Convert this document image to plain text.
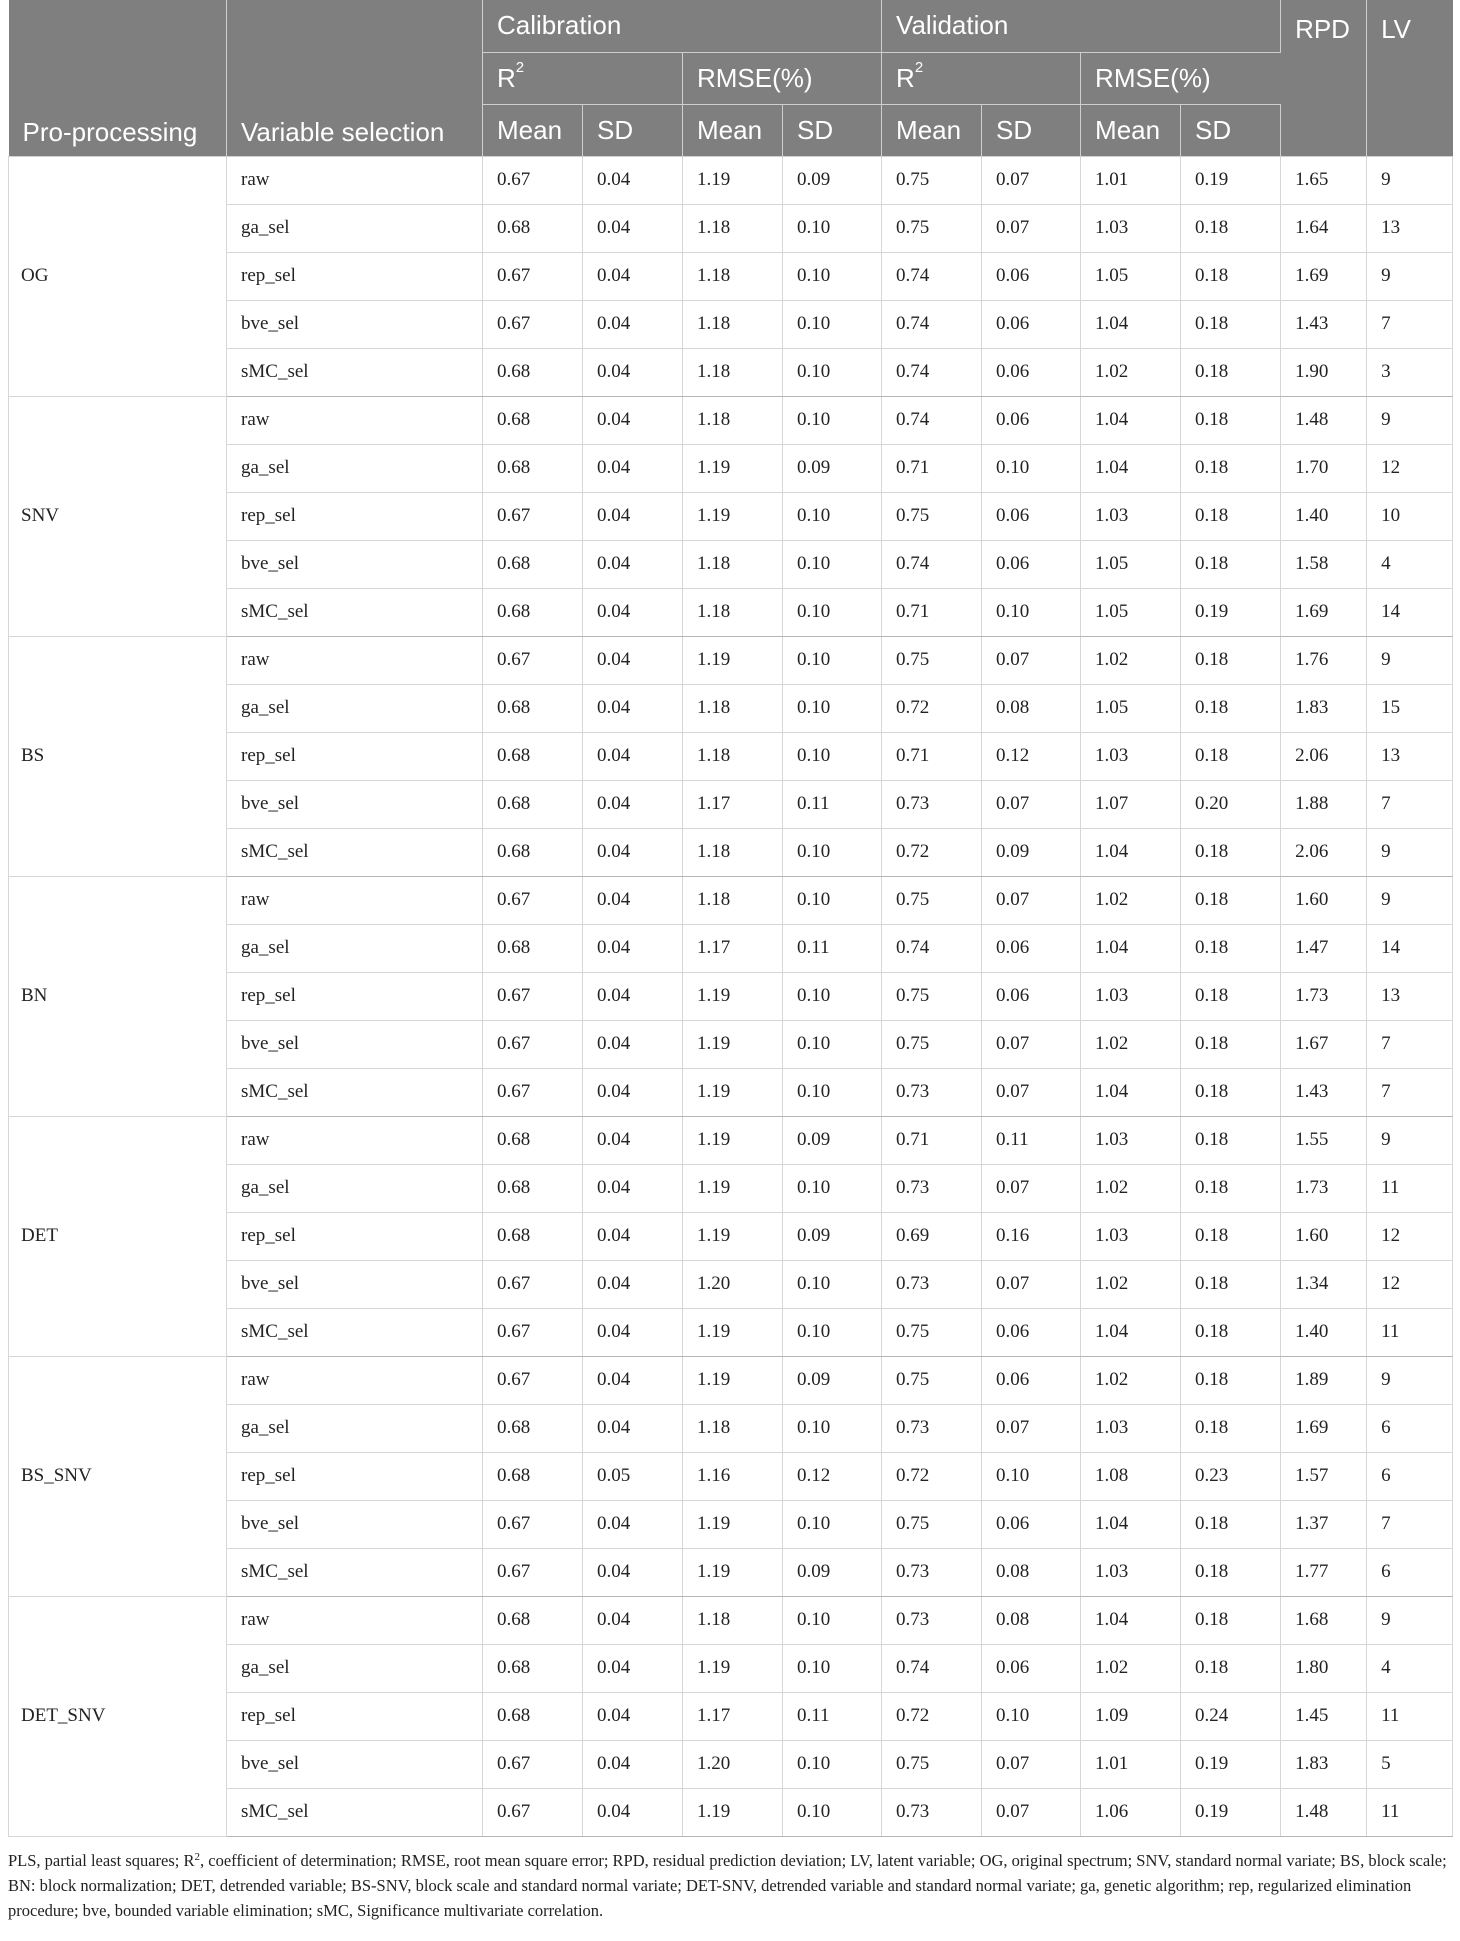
Pro-processing	Variable selection	Calibration				Validation				RPD	LV
		$R^2$		RMSE(%)		$R^2$		RMSE(%)			
		Mean	SD	Mean	SD	Mean	SD	Mean	SD		
OG	raw	0.67	0.04	1.19	0.09	0.75	0.07	1.01	0.19	1.65	9
	ga_sel	0.68	0.04	1.18	0.10	0.75	0.07	1.03	0.18	1.64	13
	rep_sel	0.67	0.04	1.18	0.10	0.74	0.06	1.05	0.18	1.69	9
	bve_sel	0.67	0.04	1.18	0.10	0.74	0.06	1.04	0.18	1.43	7
	sMC_sel	0.68	0.04	1.18	0.10	0.74	0.06	1.02	0.18	1.90	3
SNV	raw	0.68	0.04	1.18	0.10	0.74	0.06	1.04	0.18	1.48	9
	ga_sel	0.68	0.04	1.19	0.09	0.71	0.10	1.04	0.18	1.70	12
	rep_sel	0.67	0.04	1.19	0.10	0.75	0.06	1.03	0.18	1.40	10
	bve_sel	0.68	0.04	1.18	0.10	0.74	0.06	1.05	0.18	1.58	4
	sMC_sel	0.68	0.04	1.18	0.10	0.71	0.10	1.05	0.19	1.69	14
BS	raw	0.67	0.04	1.19	0.10	0.75	0.07	1.02	0.18	1.76	9
	ga_sel	0.68	0.04	1.18	0.10	0.72	0.08	1.05	0.18	1.83	15
	rep_sel	0.68	0.04	1.18	0.10	0.71	0.12	1.03	0.18	2.06	13
	bve_sel	0.68	0.04	1.17	0.11	0.73	0.07	1.07	0.20	1.88	7
	sMC_sel	0.68	0.04	1.18	0.10	0.72	0.09	1.04	0.18	2.06	9
BN	raw	0.67	0.04	1.18	0.10	0.75	0.07	1.02	0.18	1.60	9
	ga_sel	0.68	0.04	1.17	0.11	0.74	0.06	1.04	0.18	1.47	14
	rep_sel	0.67	0.04	1.19	0.10	0.75	0.06	1.03	0.18	1.73	13
	bve_sel	0.67	0.04	1.19	0.10	0.75	0.07	1.02	0.18	1.67	7
	sMC_sel	0.67	0.04	1.19	0.10	0.73	0.07	1.04	0.18	1.43	7
DET	raw	0.68	0.04	1.19	0.09	0.71	0.11	1.03	0.18	1.55	9
	ga_sel	0.68	0.04	1.19	0.10	0.73	0.07	1.02	0.18	1.73	11
	rep_sel	0.68	0.04	1.19	0.09	0.69	0.16	1.03	0.18	1.60	12
	bve_sel	0.67	0.04	1.20	0.10	0.73	0.07	1.02	0.18	1.34	12
	sMC_sel	0.67	0.04	1.19	0.10	0.75	0.06	1.04	0.18	1.40	11
BS_SNV	raw	0.67	0.04	1.19	0.09	0.75	0.06	1.02	0.18	1.89	9
	ga_sel	0.68	0.04	1.18	0.10	0.73	0.07	1.03	0.18	1.69	6
	rep_sel	0.68	0.05	1.16	0.12	0.72	0.10	1.08	0.23	1.57	6
	bve_sel	0.67	0.04	1.19	0.10	0.75	0.06	1.04	0.18	1.37	7
	sMC_sel	0.67	0.04	1.19	0.09	0.73	0.08	1.03	0.18	1.77	6
DET_SNV	raw	0.68	0.04	1.18	0.10	0.73	0.08	1.04	0.18	1.68	9
	ga_sel	0.68	0.04	1.19	0.10	0.74	0.06	1.02	0.18	1.80	4
	rep_sel	0.68	0.04	1.17	0.11	0.72	0.10	1.09	0.24	1.45	11
	bve_sel	0.67	0.04	1.20	0.10	0.75	0.07	1.01	0.19	1.83	5
	sMC_sel	0.67	0.04	1.19	0.10	0.73	0.07	1.06	0.19	1.48	11
PLS, partial least squares; $R^2$, coefficient of determination; RMSE, root mean square error; RPD, residual prediction deviation; LV, latent variable; OG, original spectrum; SNV, standard normal variate; BS, block scale; BN: block normalization; DET, detrended variable; BS-SNV, block scale and standard normal variate; DET-SNV, detrended variable and standard normal variate; ga, genetic algorithm; rep, regularized elimination procedure; bve, bounded variable elimination; sMC, Significance multivariate correlation.
